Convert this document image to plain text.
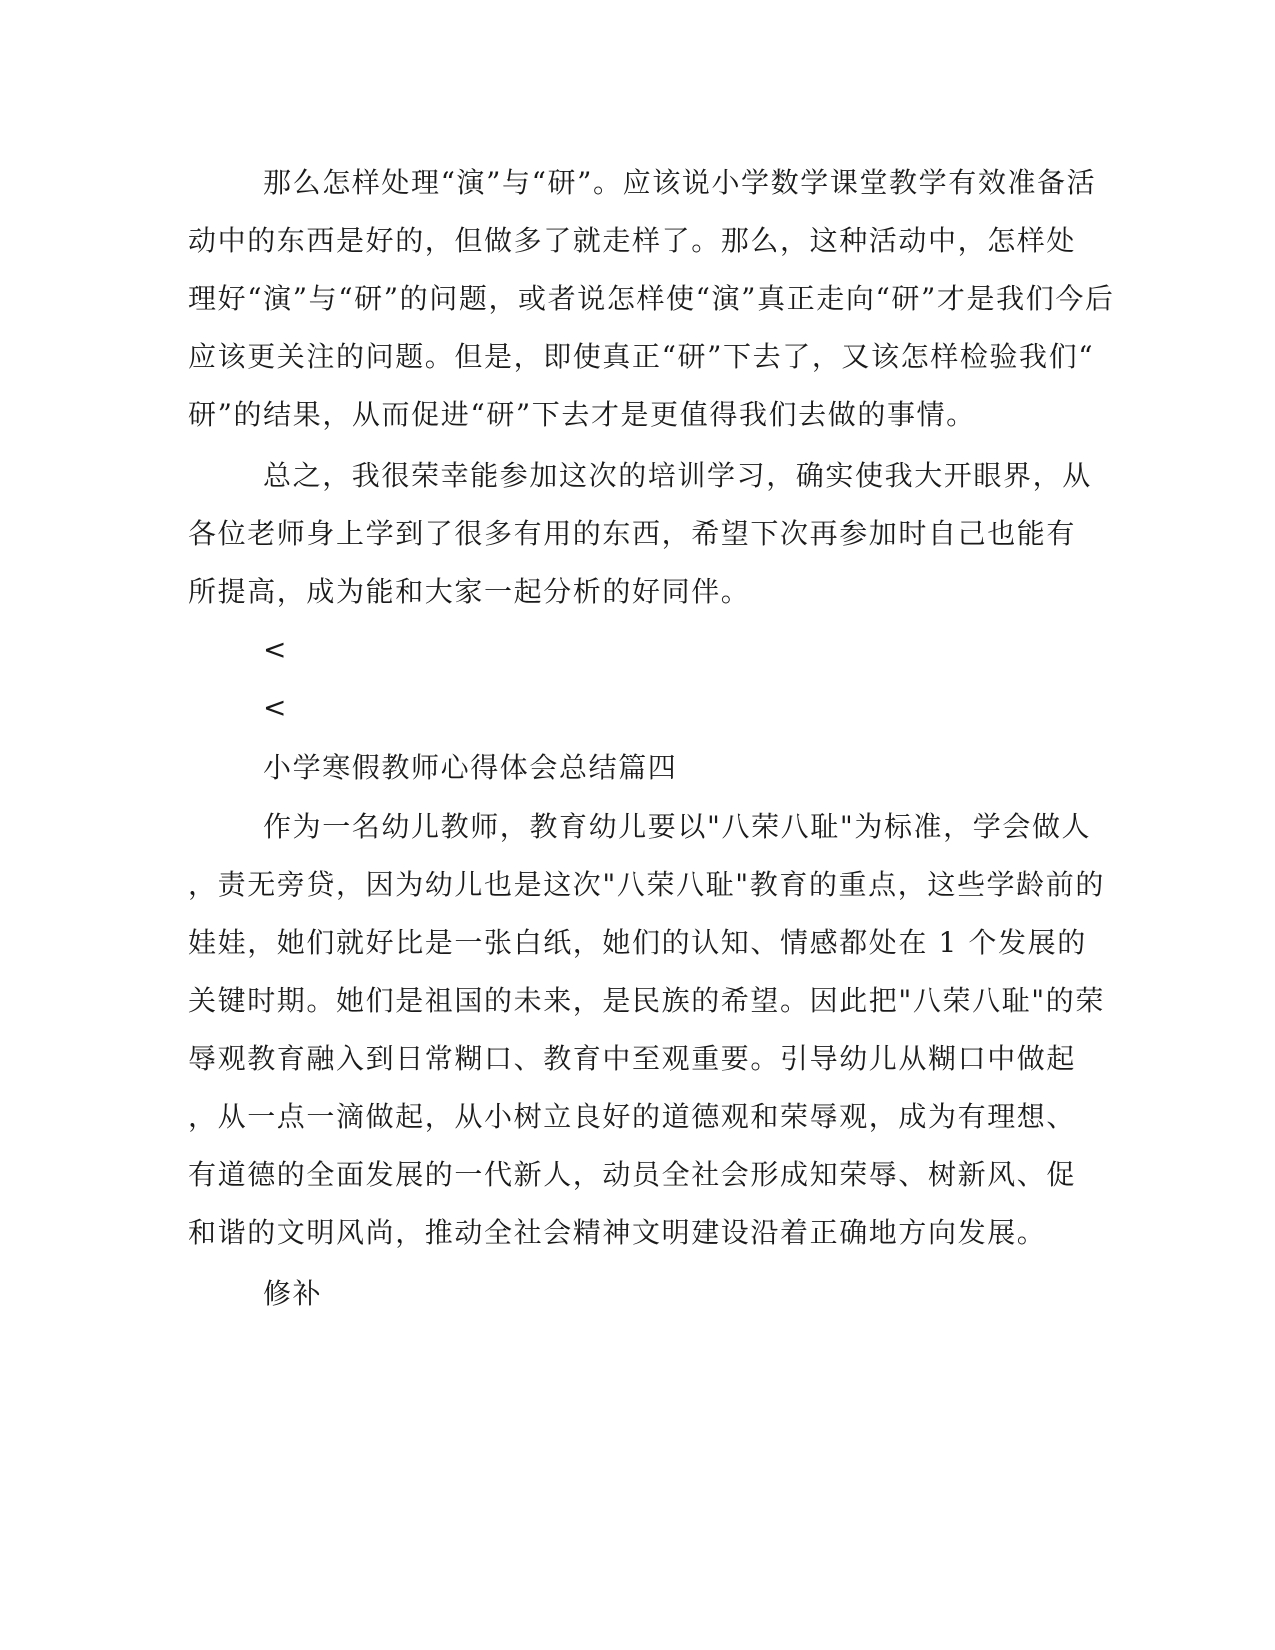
那么怎样处理“演”与“研”。应该说小学数学课堂教学有效准备活
动中的东西是好的，但做多了就走样了。那么，这种活动中，怎样处
理好“演”与“研”的问题，或者说怎样使“演”真正走向“研”才是我们今后
应该更关注的问题。但是，即使真正“研”下去了，又该怎样检验我们“
研”的结果，从而促进“研”下去才是更值得我们去做的事情。
总之，我很荣幸能参加这次的培训学习，确实使我大开眼界，从
各位老师身上学到了很多有用的东西，希望下次再参加时自己也能有
所提高，成为能和大家一起分析的好同伴。
<
<
小学寒假教师心得体会总结篇四
作为一名幼儿教师，教育幼儿要以"八荣八耻"为标准，学会做人
，责无旁贷，因为幼儿也是这次"八荣八耻"教育的重点，这些学龄前的
娃娃，她们就好比是一张白纸，她们的认知、情感都处在 1 个发展的
关键时期。她们是祖国的未来，是民族的希望。因此把"八荣八耻"的荣
辱观教育融入到日常糊口、教育中至观重要。引导幼儿从糊口中做起
，从一点一滴做起，从小树立良好的道德观和荣辱观，成为有理想、
有道德的全面发展的一代新人，动员全社会形成知荣辱、树新风、促
和谐的文明风尚，推动全社会精神文明建设沿着正确地方向发展。
修补
